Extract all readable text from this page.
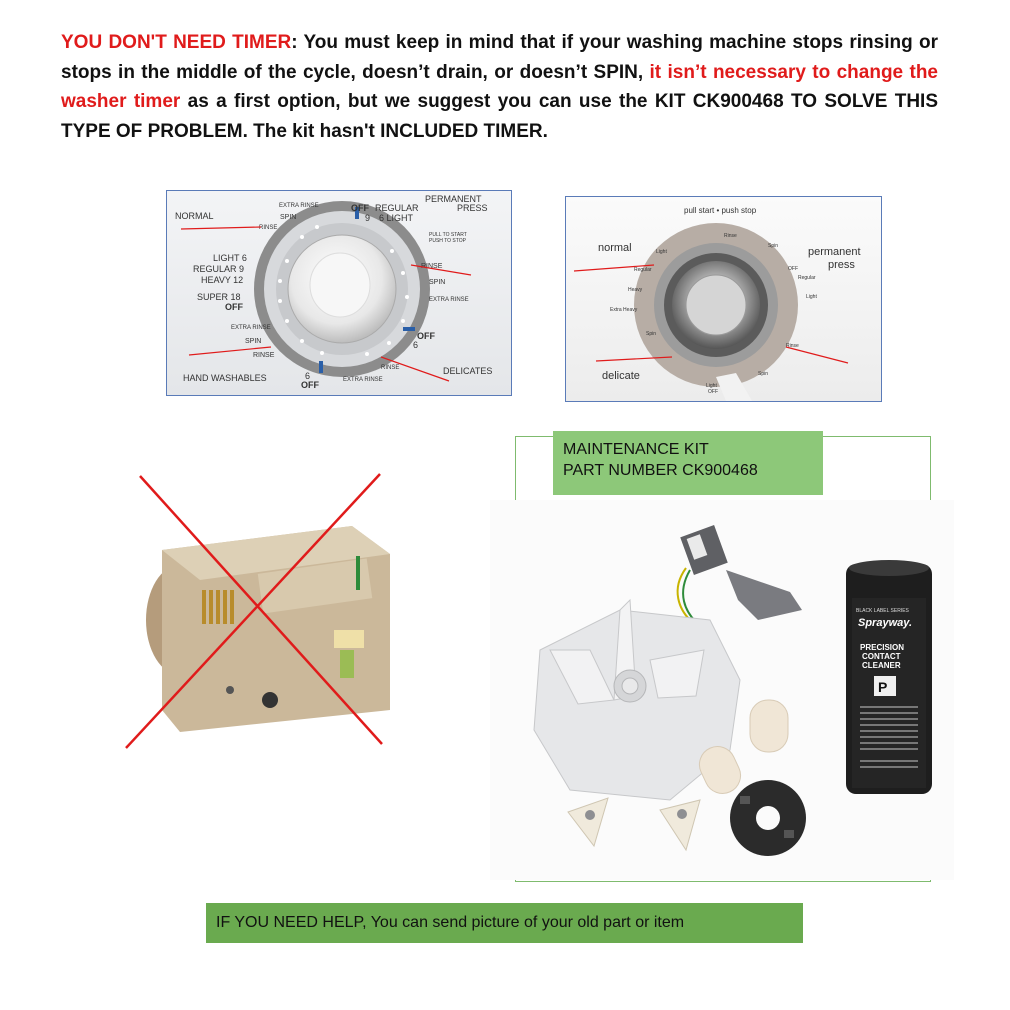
YOU DON'T NEED TIMER: You must keep in mind that if your washing machine stops rinsing or stops in the middle of the cycle, doesn’t drain, or doesn’t SPIN, it isn’t necessary to change the washer timer as a first option, but we suggest you can use the KIT CK900468 TO SOLVE THIS TYPE OF PROBLEM. The kit hasn't INCLUDED TIMER.
NORMAL
EXTRA RINSE
SPIN
RINSE
OFF REGULAR
9 6 LIGHT
PERMANENT
PRESS
PULL TO START
PUSH TO STOP
LIGHT 6
REGULAR 9
HEAVY 12
SUPER 18
OFF
RINSE
SPIN
EXTRA RINSE
OFF
6
EXTRA RINSE
SPIN
RINSE
HAND WASHABLES	6
OFF	EXTRA RINSE
RINSE	DELICATES
pull start • push stop
normal	permanent
press
delicate
Rinse
Spin
OFF
Regular
Light
Light
Regular
Heavy
Extra Heavy
Spin
Rinse
Spin
Light
OFF
BLACK LABEL SERIES
Sprayway.
PRECISION
CONTACT
CLEANER
P
MAINTENANCE KIT
PART NUMBER CK900468
IF YOU NEED HELP, You can send picture of your old part or item
